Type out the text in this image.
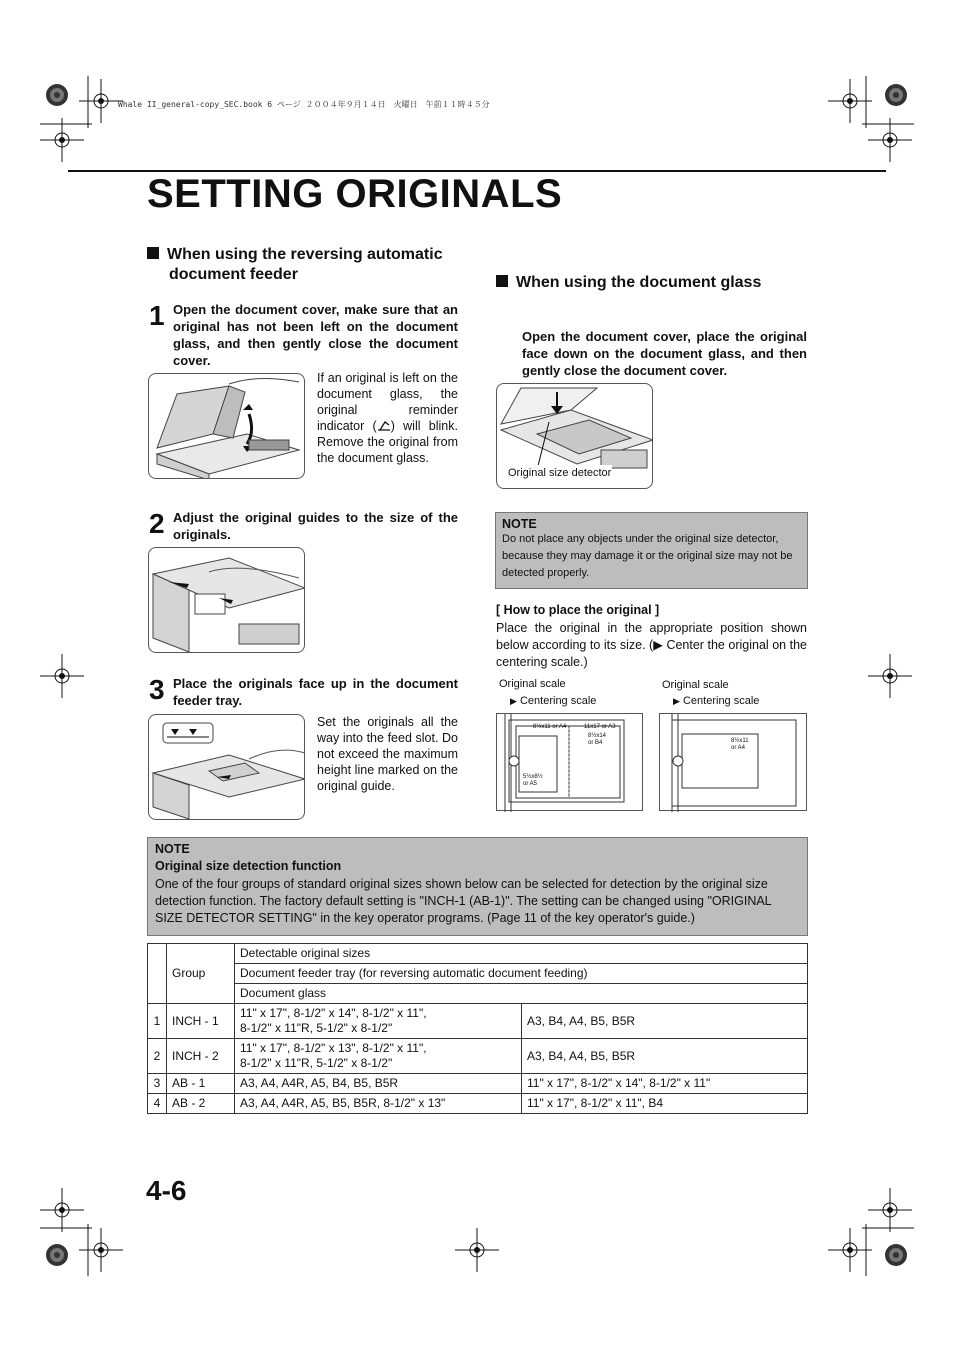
Whale II_general-copy_SEC.book 6 ページ ２００４年９月１４日　火曜日　午前１１時４５分
SETTING ORIGINALS
When using the reversing automatic
document feeder
1 Open the document cover, make sure that an original has not been left on the document glass, and then gently close the document cover.
If an original is left on the document glass, the original reminder indicator ( ) will blink. Remove the original from the document glass.
2 Adjust the original guides to the size of the originals.
3 Place the originals face up in the document feeder tray.
Set the originals all the way into the feed slot. Do not exceed the maximum height line marked on the original guide.
When using the document glass
Open the document cover, place the original face down on the document glass, and then gently close the document cover.
Original size detector
NOTE
Do not place any objects under the original size detector, because they may damage it or the original size may not be detected properly.
[ How to place the original ]
Place the original in the appropriate position shown below according to its size. (▶ Center the original on the centering scale.)
Original scale
▶ Centering scale
8½x11 or A4	11x17 or A3
8½x14 or B4
5½x8½ or A5
Original scale
▶ Centering scale
8½x11
or A4
NOTE
Original size detection function
One of the four groups of standard original sizes shown below can be selected for detection by the original size detection function. The factory default setting is "INCH-1 (AB-1)". The setting can be changed using "ORIGINAL SIZE DETECTOR SETTING" in the key operator programs. (Page 11 of the key operator's guide.)
	Group	Detectable original sizes	
		Document feeder tray (for reversing automatic document feeding)	
		Document glass	

1	INCH - 1	11" x 17", 8-1/2" x 14", 8-1/2" x 11",
8-1/2" x 11"R, 5-1/2" x 8-1/2"	A3, B4, A4, B5, B5R
2	INCH - 2	11" x 17", 8-1/2" x 13", 8-1/2" x 11",
8-1/2" x 11"R, 5-1/2" x 8-1/2"	A3, B4, A4, B5, B5R
3	AB - 1	A3, A4, A4R, A5, B4, B5, B5R	11" x 17", 8-1/2" x 14", 8-1/2" x 11"
4	AB - 2	A3, A4, A4R, A5, B5, B5R, 8-1/2" x 13"	11" x 17", 8-1/2" x 11", B4
4-6
